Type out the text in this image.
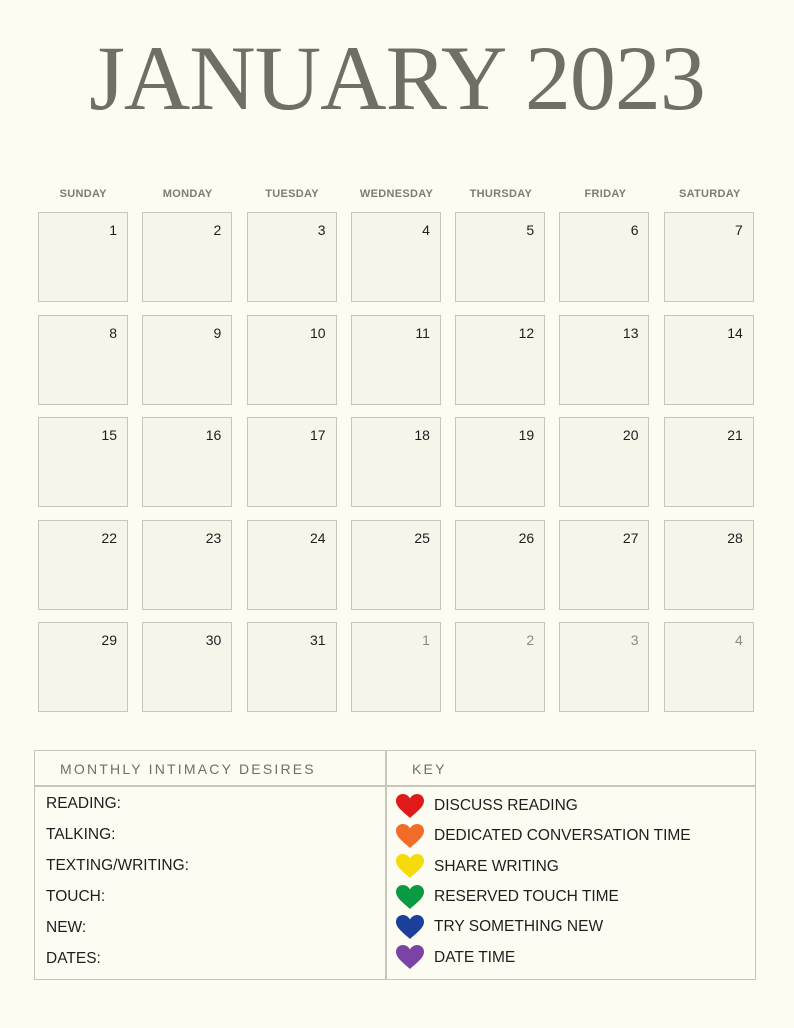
JANUARY 2023
SUNDAY	MONDAY	TUESDAY	WEDNESDAY	THURSDAY	FRIDAY	SATURDAY
1	2	3	4	5	6	7
8	9	10	11	12	13	14
15	16	17	18	19	20	21
22	23	24	25	26	27	28
29	30	31	1	2	3	4
MONTHLY INTIMACY DESIRES	KEY
READING:
TALKING:
TEXTING/WRITING:
TOUCH:
NEW:
DATES:
DISCUSS READING
DEDICATED CONVERSATION TIME
SHARE WRITING
RESERVED TOUCH TIME
TRY SOMETHING NEW
DATE TIME
